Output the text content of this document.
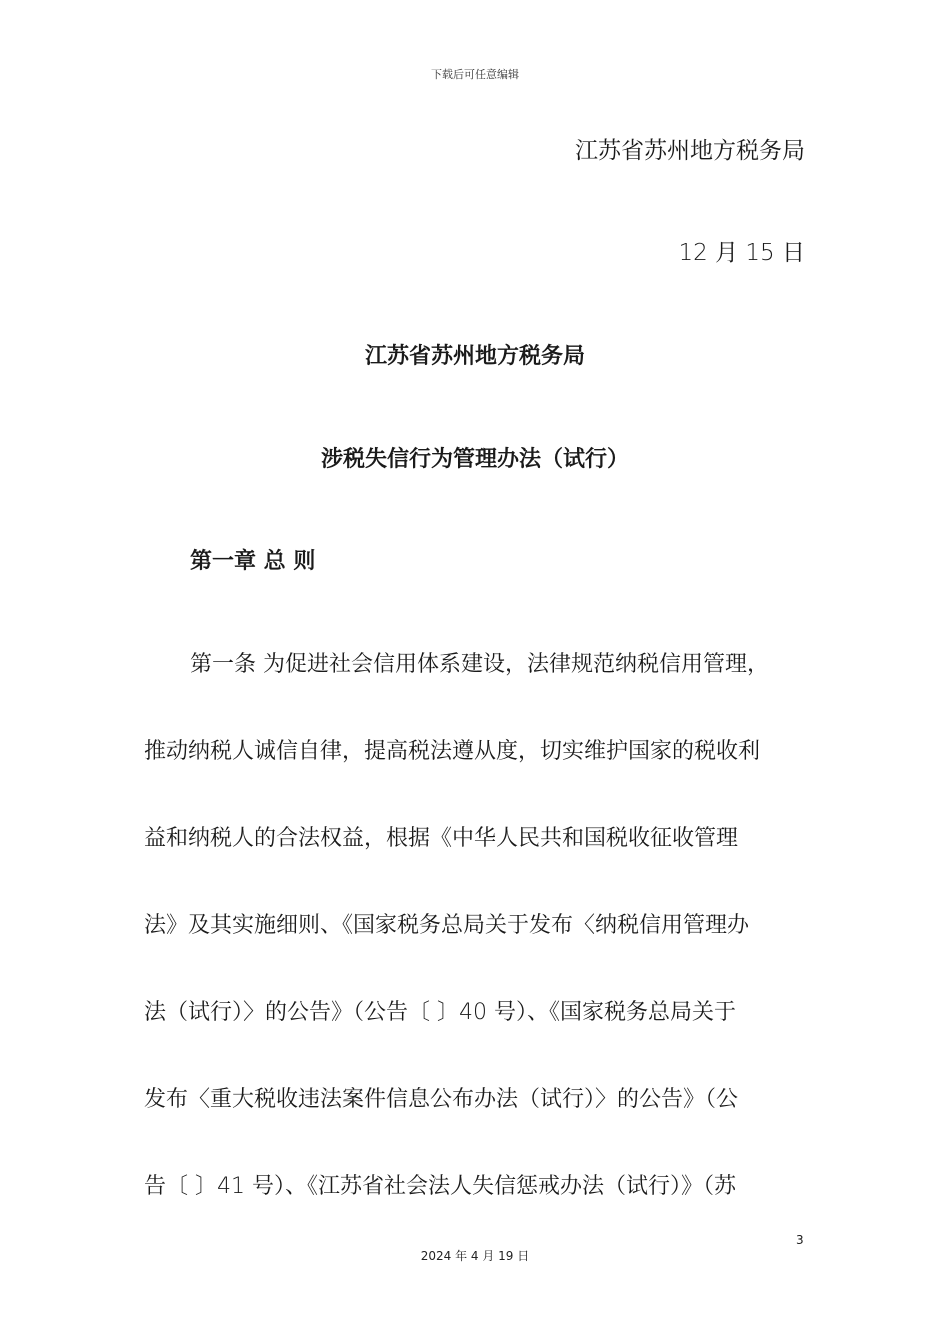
下载后可任意编辑
江苏省苏州地方税务局
12 月 15 日
江苏省苏州地方税务局
涉税失信行为管理办法（试行）
第一章 总 则
第一条 为促进社会信用体系建设，法律规范纳税信用管理，
推动纳税人诚信自律，提高税法遵从度，切实维护国家的税收利
益和纳税人的合法权益，根据《中华人民共和国税收征收管理
法》及其实施细则、《国家税务总局关于发布〈纳税信用管理办
法（试行）〉的公告》（公告〔 〕40 号）、《国家税务总局关于
发布〈重大税收违法案件信息公布办法（试行）〉的公告》（公
告〔 〕41 号）、《江苏省社会法人失信惩戒办法（试行）》（苏
3
2024 年 4 月 19 日
